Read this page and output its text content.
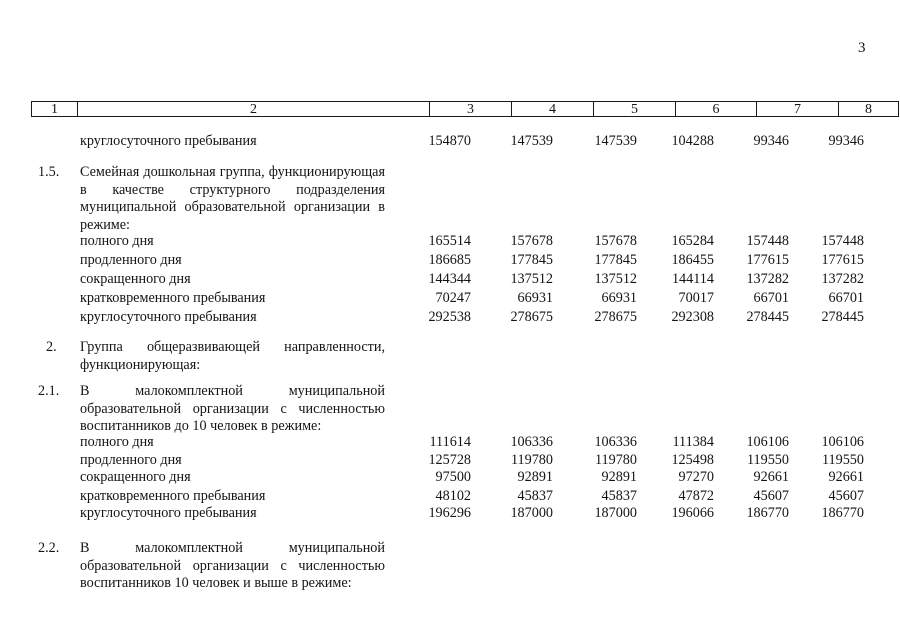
3
1	2	3	4	5	6	7	8
круглосуточного пребывания	154870	147539	147539 104288	99346	99346
1.5. Семейная дошкольная группа, функционирующая в качестве структурного подразделения муниципальной образовательной организации в режиме:
полного дня	165514	157678	157678 165284 157448 157448
продленного дня	186685	177845	177845 186455 177615 177615
сокращенного дня	144344	137512	137512 144114 137282 137282
кратковременного пребывания	70247	66931	66931	70017	66701	66701
круглосуточного пребывания	292538	278675	278675 292308 278445 278445
2. Группа общеразвивающей направленности, функционирующая:
2.1. В малокомплектной муниципальной образовательной организации с численностью воспитанников до 10 человек в режиме:
полного дня	111614	106336	106336 111384 106106 106106
продленного дня	125728	119780	119780 125498 119550 119550
сокращенного дня	97500	92891	92891	97270	92661	92661
кратковременного пребывания	48102	45837	45837	47872	45607	45607
круглосуточного пребывания	196296	187000	187000 196066 186770 186770
2.2. В малокомплектной муниципальной образовательной организации с численностью воспитанников 10 человек и выше в режиме:
